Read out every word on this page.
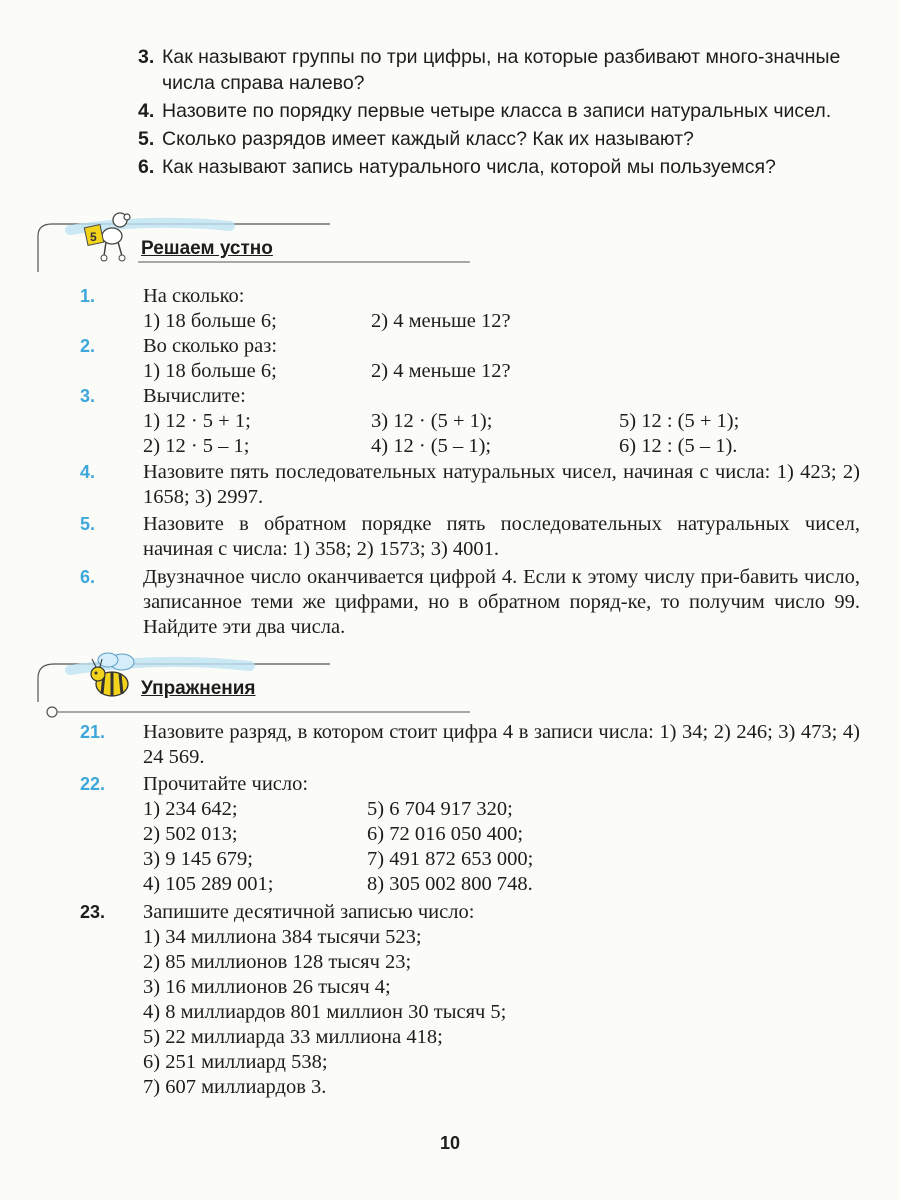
3. Как называют группы по три цифры, на которые разбивают много-значные числа справа налево?
4. Назовите по порядку первые четыре класса в записи натуральных чисел.
5. Сколько разрядов имеет каждый класс? Как их называют?
6. Как называют запись натурального числа, которой мы пользуемся?
5
Решаем устно
1.	На сколько:
1) 18 больше 6;	2) 4 меньше 12?
2.	Во сколько раз:
1) 18 больше 6;	2) 4 меньше 12?
3.	Вычислите:
1) 12 · 5 + 1;	3) 12 · (5 + 1);	5) 12 : (5 + 1);
2) 12 · 5 – 1;	4) 12 · (5 – 1);	6) 12 : (5 – 1).
4.	Назовите пять последовательных натуральных чисел, начиная с числа: 1) 423; 2) 1658; 3) 2997.
5.	Назовите в обратном порядке пять последовательных натуральных чисел, начиная с числа: 1) 358; 2) 1573; 3) 4001.
6.	Двузначное число оканчивается цифрой 4. Если к этому числу при-бавить число, записанное теми же цифрами, но в обратном поряд-ке, то получим число 99. Найдите эти два числа.
Упражнения
21.	Назовите разряд, в котором стоит цифра 4 в записи числа: 1) 34; 2) 246; 3) 473; 4) 24 569.
22.	Прочитайте число:
1) 234 642;	5) 6 704 917 320;
2) 502 013;	6) 72 016 050 400;
3) 9 145 679;	7) 491 872 653 000;
4) 105 289 001;	8) 305 002 800 748.
23.	Запишите десятичной записью число:
1) 34 миллиона 384 тысячи 523;
2) 85 миллионов 128 тысяч 23;
3) 16 миллионов 26 тысяч 4;
4) 8 миллиардов 801 миллион 30 тысяч 5;
5) 22 миллиарда 33 миллиона 418;
6) 251 миллиард 538;
7) 607 миллиардов 3.
10
